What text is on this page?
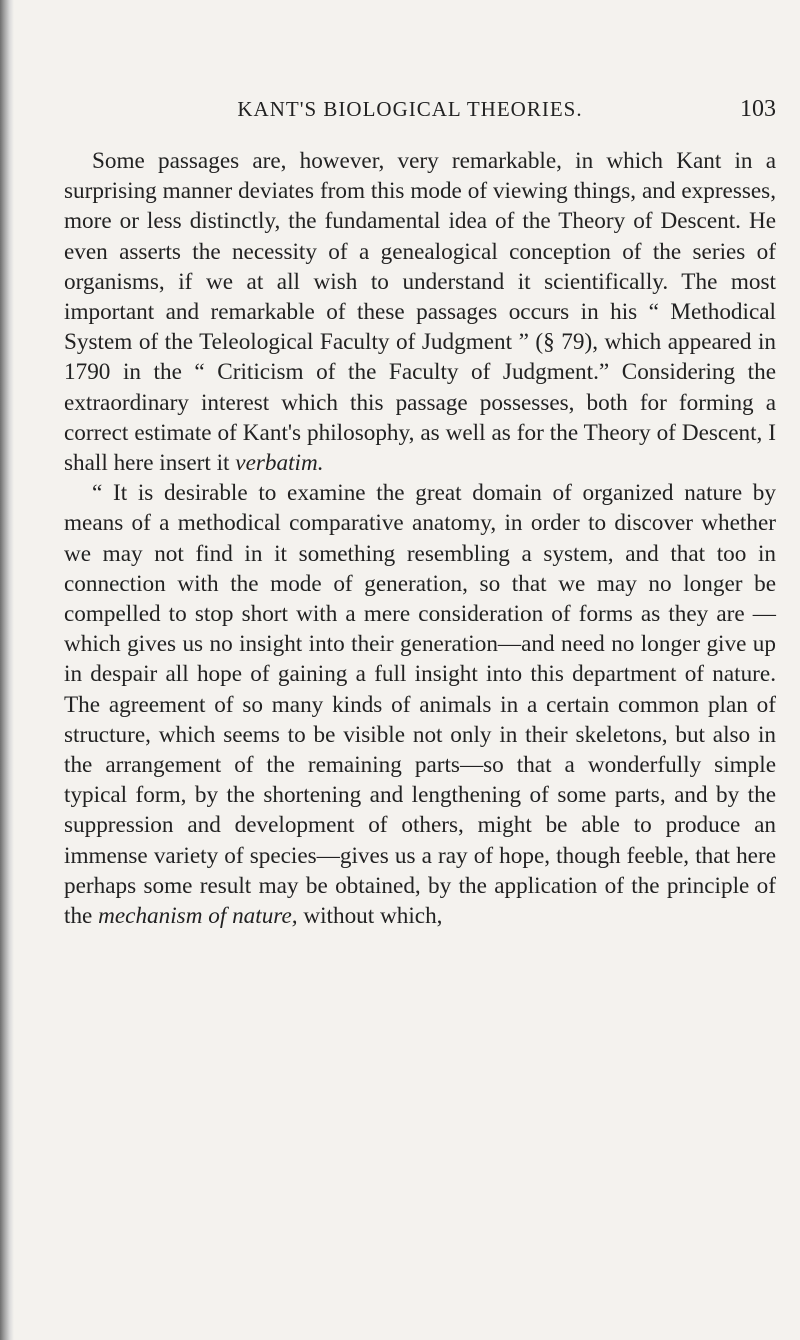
KANT'S BIOLOGICAL THEORIES.	103

Some passages are, however, very remarkable, in which Kant in a surprising manner deviates from this mode of viewing things, and expresses, more or less distinctly, the fundamental idea of the Theory of Descent. He even asserts the necessity of a genealogical conception of the series of organisms, if we at all wish to understand it scientifically. The most important and remarkable of these passages occurs in his “ Methodical System of the Teleological Faculty of Judgment ” (§ 79), which appeared in 1790 in the “ Criticism of the Faculty of Judgment.” Considering the extraordinary interest which this passage possesses, both for forming a correct estimate of Kant's philosophy, as well as for the Theory of Descent, I shall here insert it verbatim.

“ It is desirable to examine the great domain of organized nature by means of a methodical comparative anatomy, in order to discover whether we may not find in it something resembling a system, and that too in connection with the mode of generation, so that we may no longer be compelled to stop short with a mere consideration of forms as they are —which gives us no insight into their generation—and need no longer give up in despair all hope of gaining a full insight into this department of nature. The agreement of so many kinds of animals in a certain common plan of structure, which seems to be visible not only in their skeletons, but also in the arrangement of the remaining parts—so that a wonderfully simple typical form, by the shortening and lengthening of some parts, and by the suppression and development of others, might be able to produce an immense variety of species—gives us a ray of hope, though feeble, that here perhaps some result may be obtained, by the application of the principle of the mechanism of nature, without which,
